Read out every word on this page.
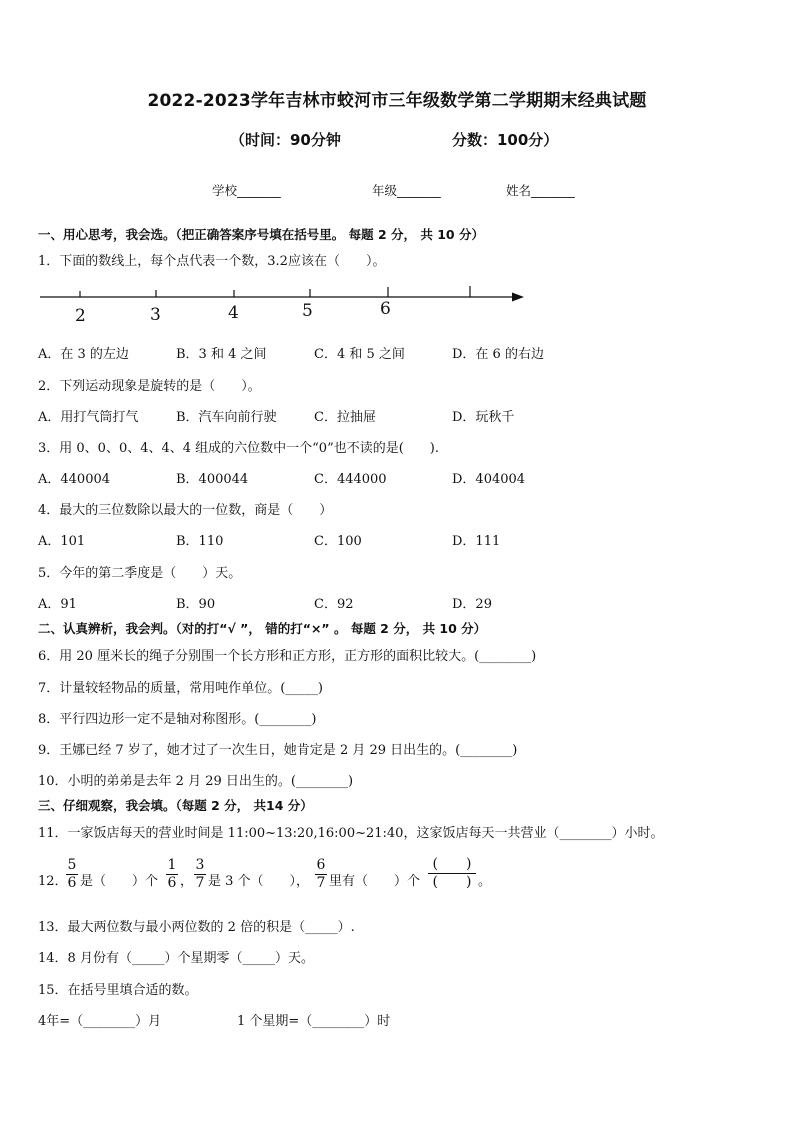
2022-2023学年吉林市蛟河市三年级数学第二学期期末经典试题
（时间：90分钟	分数：100分）
学校_______	年级_______	姓名_______
一、用心思考，我会选。（把正确答案序号填在括号里。 每题 2 分， 共 10 分）
1．下面的数线上，每个点代表一个数，3.2应该在（　　）。
2	3	4	5	6
A．在 3 的左边	B．3 和 4 之间	C．4 和 5 之间	D．在 6 的右边
2．下列运动现象是旋转的是（　　）。
A．用打气筒打气	B．汽车向前行驶	C．拉抽屉	D．玩秋千
3．用 0、0、0、4、4、4 组成的六位数中一个“0”也不读的是(　　).
A．440004	B．400044	C．444000	D．404004
4．最大的三位数除以最大的一位数，商是（　　）
A．101	B．110	C．100	D．111
5．今年的第二季度是（　　）天。
A．91	B．90	C．92	D．29
二、认真辨析，我会判。（对的打“√ ”， 错的打“×” 。 每题 2 分， 共 10 分）
6．用 20 厘米长的绳子分别围一个长方形和正方形，正方形的面积比较大。(________)
7．计量较轻物品的质量，常用吨作单位。(_____)
8．平行四边形一定不是轴对称图形。(________)
9．王娜已经 7 岁了，她才过了一次生日，她肯定是 2 月 29 日出生的。(________)
10．小明的弟弟是去年 2 月 29 日出生的。(________)
三、仔细观察，我会填。（每题 2 分， 共14 分）
11．一家饭店每天的营业时间是 11:00~13:20,16:00~21:40，这家饭店每天一共营业（________）小时。
12．
5
6 是（　　）个
1
6 ，
3
7 是 3 个（　　），
6
7 里有（　　）个
(　　)
(　　) 。
13．最大两位数与最小两位数的 2 倍的积是（_____）.
14．8 月份有（_____）个星期零（_____）天。
15．在括号里填合适的数。
4年=（________）月	1 个星期=（________）时
